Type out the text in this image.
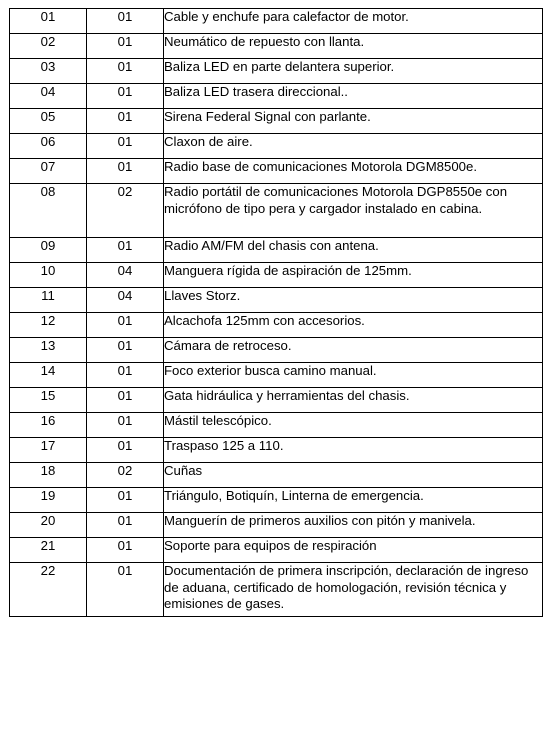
01	01	Cable y enchufe para calefactor de motor.
02	01	Neumático de repuesto con llanta.
03	01	Baliza LED en parte delantera superior.
04	01	Baliza LED trasera direccional..
05	01	Sirena Federal Signal con parlante.
06	01	Claxon de aire.
07	01	Radio base de comunicaciones Motorola DGM8500e.
08	02	Radio portátil de comunicaciones Motorola DGP8550e con micrófono de tipo pera y cargador instalado en cabina.
09	01	Radio AM/FM del chasis con antena.
10	04	Manguera rígida de aspiración de 125mm.
11	04	Llaves Storz.
12	01	Alcachofa 125mm con accesorios.
13	01	Cámara de retroceso.
14	01	Foco exterior busca camino manual.
15	01	Gata hidráulica y herramientas del chasis.
16	01	Mástil telescópico.
17	01	Traspaso 125 a 110.
18	02	Cuñas
19	01	Triángulo, Botiquín, Linterna de emergencia.
20	01	Manguerín de primeros auxilios con pitón y manivela.
21	01	Soporte para equipos de respiración
22	01	Documentación de primera inscripción, declaración de ingreso de aduana, certificado de homologación, revisión técnica y emisiones de gases.
